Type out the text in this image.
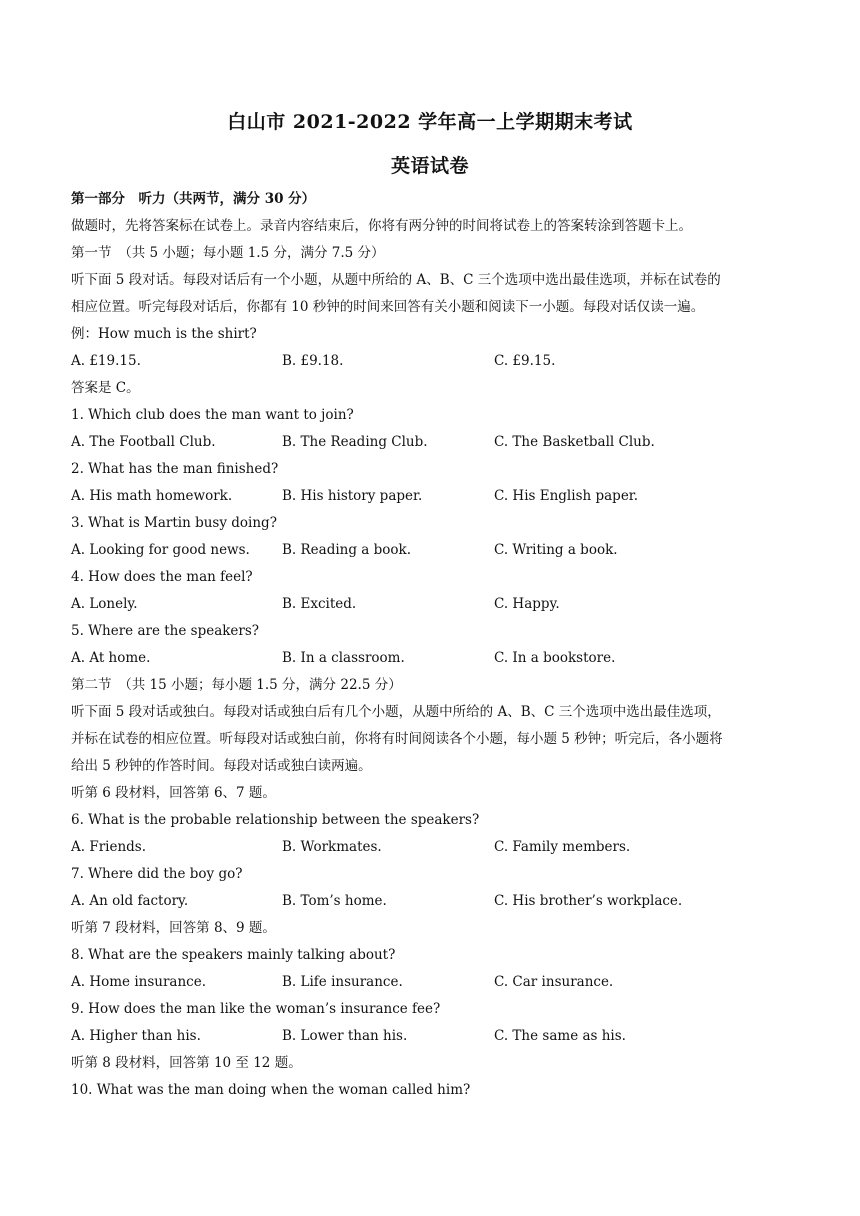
白山市 2021-2022 学年高一上学期期末考试
英语试卷
第一部分　听力（共两节，满分 30 分）
做题时，先将答案标在试卷上。录音内容结束后，你将有两分钟的时间将试卷上的答案转涂到答题卡上。
第一节　（共 5 小题；每小题 1.5 分，满分 7.5 分）
听下面 5 段对话。每段对话后有一个小题，从题中所给的 A、B、C 三个选项中选出最佳选项，并标在试卷的
相应位置。听完每段对话后，你都有 10 秒钟的时间来回答有关小题和阅读下一小题。每段对话仅读一遍。
例：How much is the shirt?
A. £19.15.	B. £9.18.	C. £9.15.
答案是 C。
1. Which club does the man want to join?
A. The Football Club.	B. The Reading Club.	C. The Basketball Club.
2. What has the man finished?
A. His math homework.	B. His history paper.	C. His English paper.
3. What is Martin busy doing?
A. Looking for good news. B. Reading a book.	C. Writing a book.
4. How does the man feel?
A. Lonely.	B. Excited.	C. Happy.
5. Where are the speakers?
A. At home.	B. In a classroom.	C. In a bookstore.
第二节　（共 15 小题；每小题 1.5 分，满分 22.5 分）
听下面 5 段对话或独白。每段对话或独白后有几个小题，从题中所给的 A、B、C 三个选项中选出最佳选项，
并标在试卷的相应位置。听每段对话或独白前，你将有时间阅读各个小题，每小题 5 秒钟；听完后，各小题将
给出 5 秒钟的作答时间。每段对话或独白读两遍。
听第 6 段材料，回答第 6、7 题。
6. What is the probable relationship between the speakers?
A. Friends.	B. Workmates.	C. Family members.
7. Where did the boy go?
A. An old factory.	B. Tom’s home.	C. His brother’s workplace.
听第 7 段材料，回答第 8、9 题。
8. What are the speakers mainly talking about?
A. Home insurance.	B. Life insurance.	C. Car insurance.
9. How does the man like the woman’s insurance fee?
A. Higher than his.	B. Lower than his.	C. The same as his.
听第 8 段材料，回答第 10 至 12 题。
10. What was the man doing when the woman called him?
